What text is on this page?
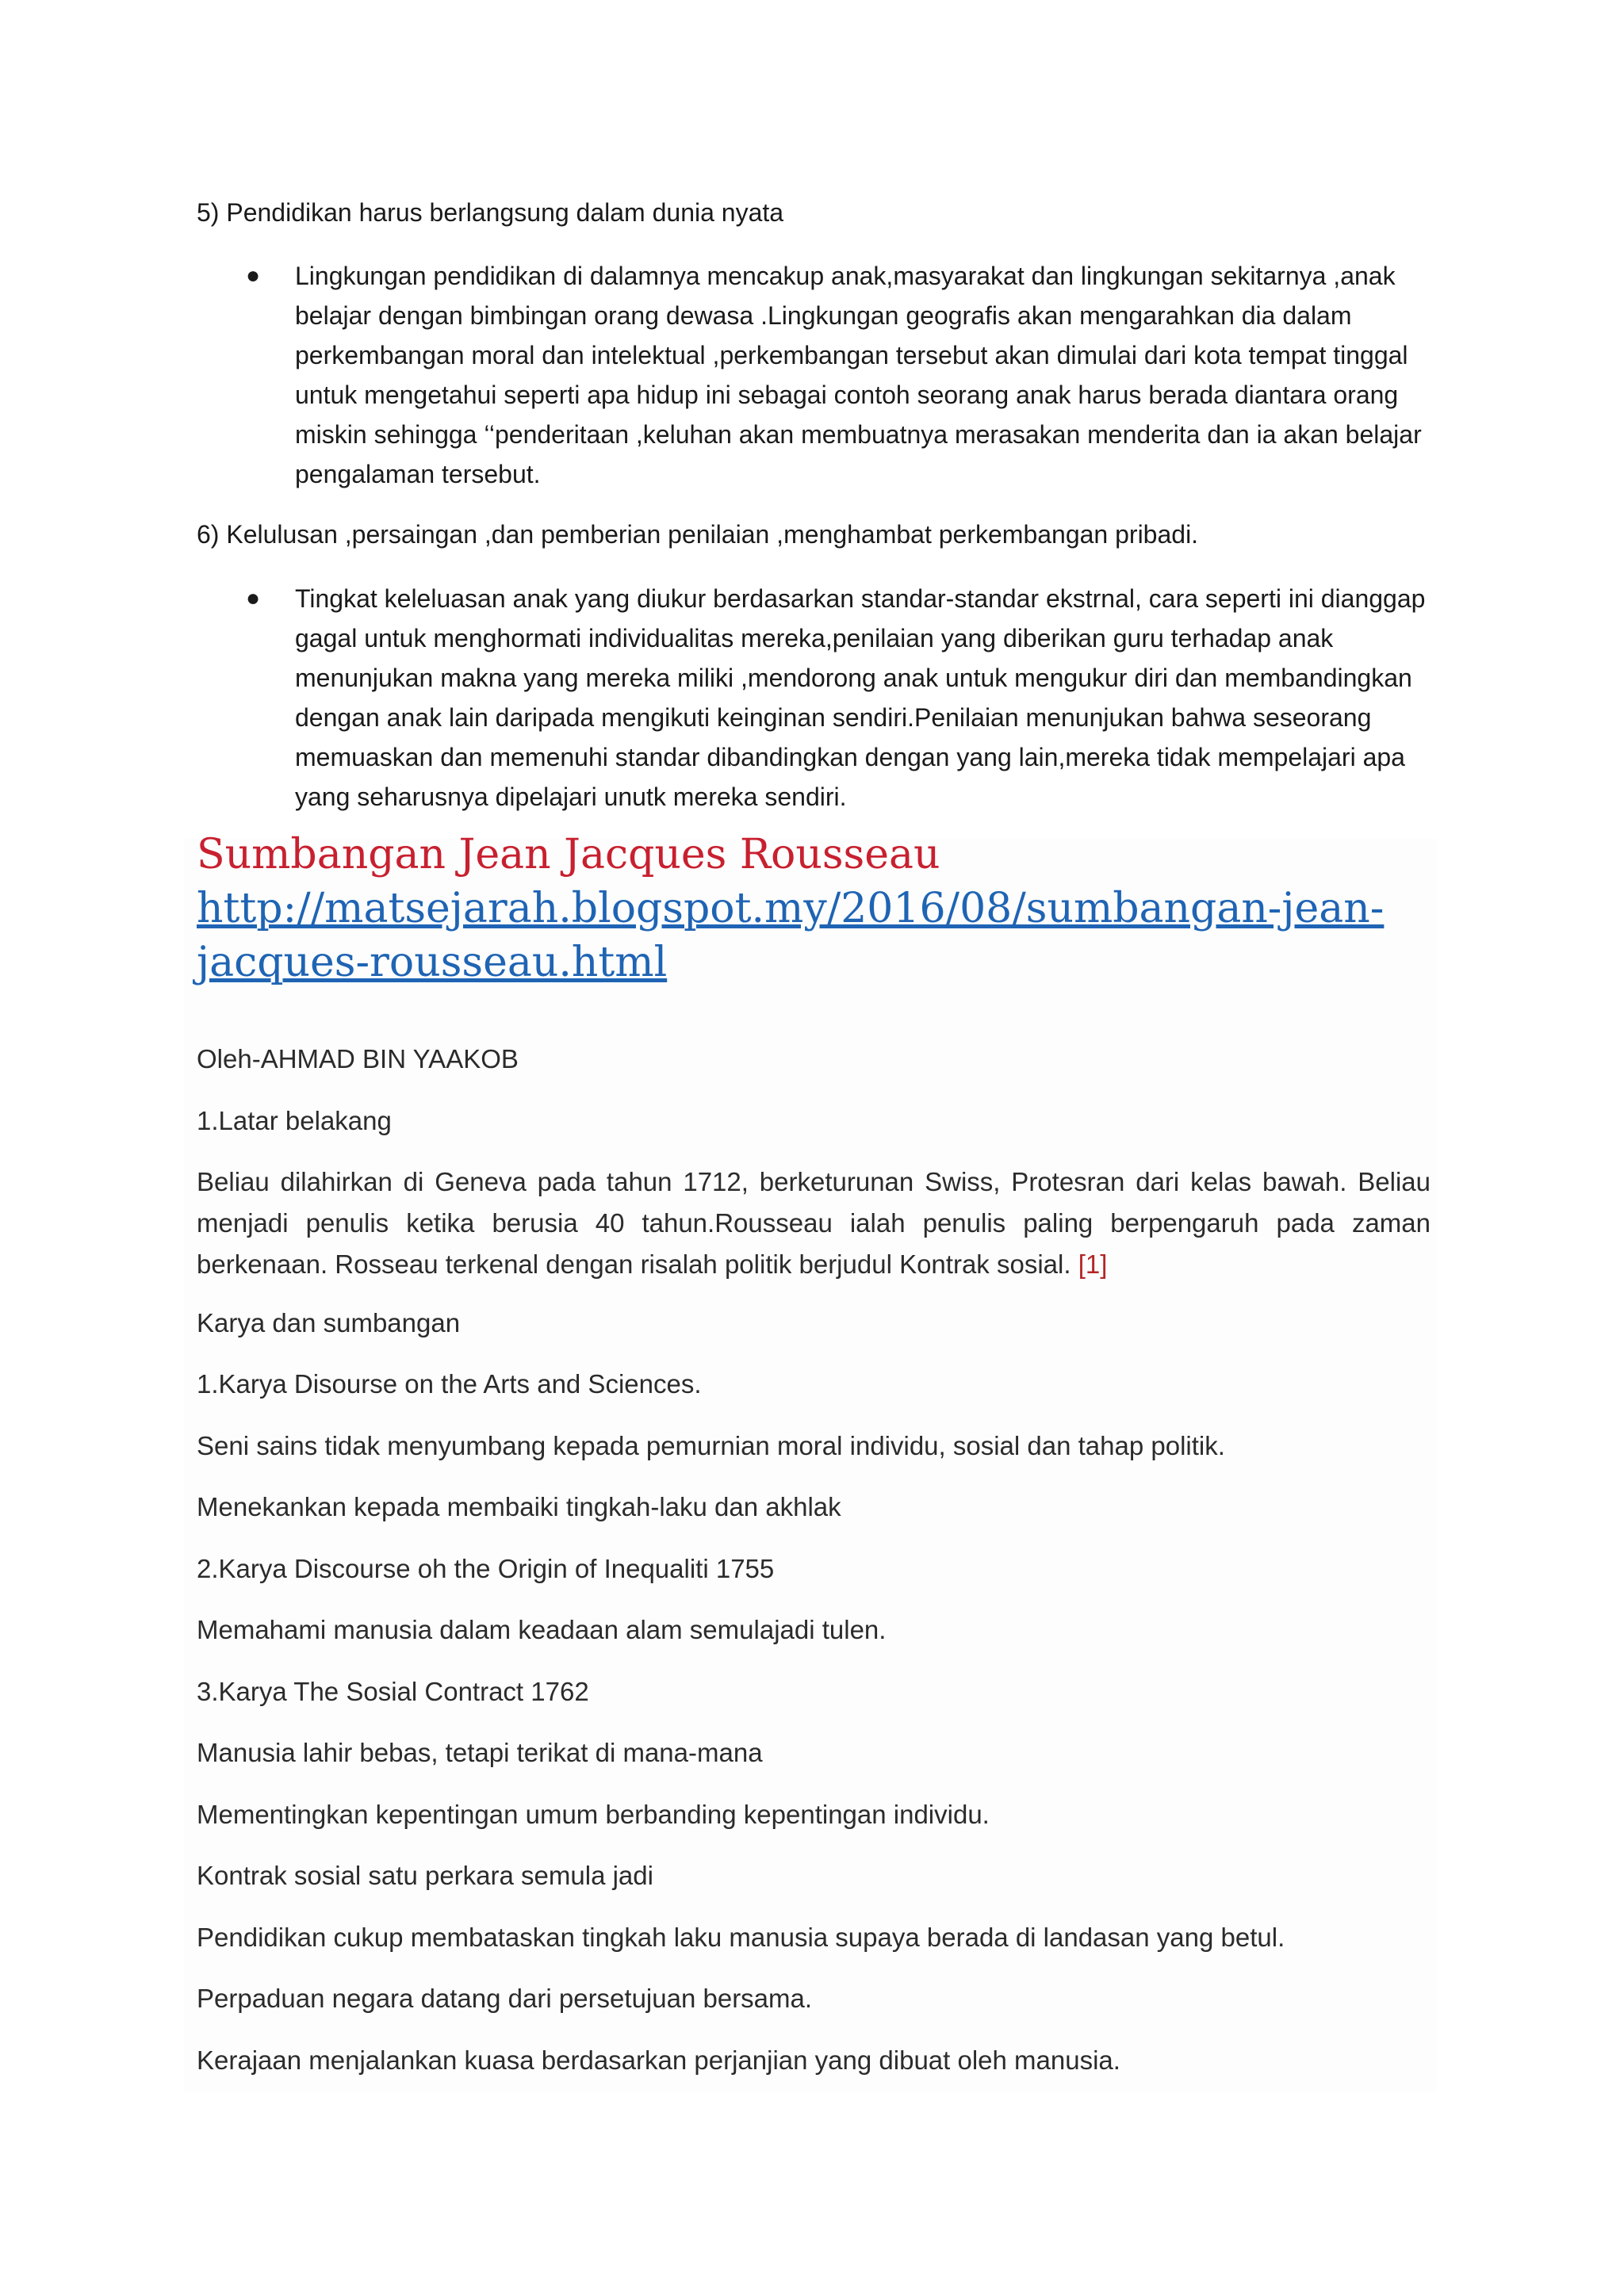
5) Pendidikan harus berlangsung dalam dunia nyata

● Lingkungan pendidikan di dalamnya mencakup anak,masyarakat dan lingkungan sekitarnya ,anak belajar dengan bimbingan orang dewasa .Lingkungan geografis akan mengarahkan dia dalam perkembangan moral dan intelektual ,perkembangan tersebut akan dimulai dari kota tempat tinggal untuk mengetahui seperti apa hidup ini sebagai contoh seorang anak harus berada diantara orang miskin sehingga ‘‘penderitaan ,keluhan akan membuatnya merasakan menderita dan ia akan belajar pengalaman tersebut.

6) Kelulusan ,persaingan ,dan pemberian penilaian ,menghambat perkembangan pribadi.

● Tingkat keleluasan anak yang diukur berdasarkan standar-standar ekstrnal, cara seperti ini dianggap gagal untuk menghormati individualitas mereka,penilaian yang diberikan guru terhadap anak menunjukan makna yang mereka miliki ,mendorong anak untuk mengukur diri dan membandingkan dengan anak lain daripada mengikuti keinginan sendiri.Penilaian menunjukan bahwa seseorang memuaskan dan memenuhi standar dibandingkan dengan yang lain,mereka tidak mempelajari apa yang seharusnya dipelajari unutk mereka sendiri.

Sumbangan Jean Jacques Rousseau
http://matsejarah.blogspot.my/2016/08/sumbangan-jean-jacques-rousseau.html

Oleh-AHMAD BIN YAAKOB

1.Latar belakang

Beliau dilahirkan di Geneva pada tahun 1712, berketurunan Swiss, Protesran dari kelas bawah. Beliau menjadi penulis ketika berusia 40 tahun.Rousseau ialah penulis paling berpengaruh pada zaman berkenaan. Rosseau terkenal dengan risalah politik berjudul Kontrak sosial. [1]

Karya dan sumbangan

1.Karya Disourse on the Arts and Sciences.

Seni sains tidak menyumbang kepada pemurnian moral individu, sosial dan tahap politik.

Menekankan kepada membaiki tingkah-laku dan akhlak

2.Karya Discourse oh the Origin of Inequaliti 1755

Memahami manusia dalam keadaan alam semulajadi tulen.

3.Karya The Sosial Contract 1762

Manusia lahir bebas, tetapi terikat di mana-mana

Mementingkan kepentingan umum berbanding kepentingan individu.

Kontrak sosial satu perkara semula jadi

Pendidikan cukup membataskan tingkah laku manusia supaya berada di landasan yang betul.

Perpaduan negara datang dari persetujuan bersama.

Kerajaan menjalankan kuasa berdasarkan perjanjian yang dibuat oleh manusia.
